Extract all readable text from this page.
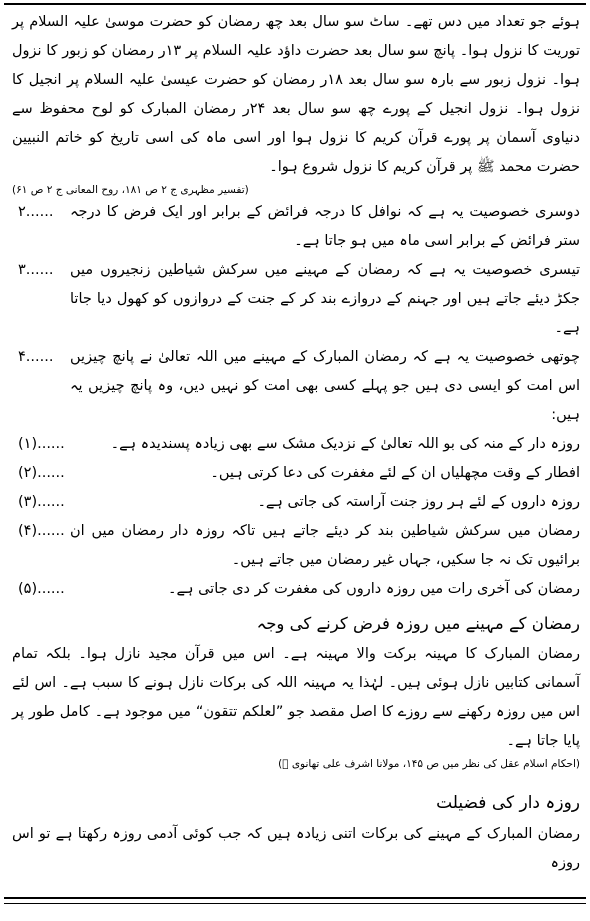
ہوئے جو تعداد میں دس تھے۔ ساٹ سو سال بعد چھ رمضان کو حضرت موسیٰ علیہ السلام پر توریت کا نزول ہوا۔ پانچ سو سال بعد حضرت داؤد علیہ السلام پر ۱۳ر رمضان کو زبور کا نزول ہوا۔ نزول زبور سے بارہ سو سال بعد ۱۸ر رمضان کو حضرت عیسیٰ علیہ السلام پر انجیل کا نزول ہوا۔ نزول انجیل کے پورے چھ سو سال بعد ۲۴ر رمضان المبارک کو لوح محفوظ سے دنیاوی آسمان پر پورے قرآن کریم کا نزول ہوا اور اسی ماہ کی اسی تاریخ کو خاتم النبیین حضرت محمد ﷺ پر قرآن کریم کا نزول شروع ہوا۔

(تفسیر مظہری ج ۲ ص ۱۸۱، روح المعانی ج ۲ ص ۶۱)

دوسری خصوصیت یہ ہے کہ نوافل کا درجہ فرائض کے برابر اور ایک فرض کا درجہ ستر فرائض کے برابر اسی ماہ میں ہو جاتا ہے۔
۲......
تیسری خصوصیت یہ ہے کہ رمضان کے مہینے میں سرکش شیاطین زنجیروں میں جکڑ دیئے جاتے ہیں اور جہنم کے دروازے بند کر کے جنت کے دروازوں کو کھول دیا جاتا ہے۔
۳......
چوتھی خصوصیت یہ ہے کہ رمضان المبارک کے مہینے میں اللہ تعالیٰ نے پانچ چیزیں اس امت کو ایسی دی ہیں جو پہلے کسی بھی امت کو نہیں دیں، وہ پانچ چیزیں یہ ہیں:
۴......
روزہ دار کے منہ کی بو اللہ تعالیٰ کے نزدیک مشک سے بھی زیادہ پسندیدہ ہے۔
(۱)......
افطار کے وقت مچھلیاں ان کے لئے مغفرت کی دعا کرتی ہیں۔
(۲)......
روزہ داروں کے لئے ہر روز جنت آراستہ کی جاتی ہے۔
(۳)......
رمضان میں سرکش شیاطین بند کر دیئے جاتے ہیں تاکہ روزہ دار رمضان میں ان برائیوں تک نہ جا سکیں، جہاں غیر رمضان میں جاتے ہیں۔
(۴)......
رمضان کی آخری رات میں روزہ داروں کی مغفرت کر دی جاتی ہے۔
(۵)......

رمضان کے مہینے میں روزہ فرض کرنے کی وجہ

رمضان المبارک کا مہینہ برکت والا مہینہ ہے۔ اس میں قرآن مجید نازل ہوا۔ بلکہ تمام آسمانی کتابیں نازل ہوئی ہیں۔ لہٰذا یہ مہینہ اللہ کی برکات نازل ہونے کا سبب ہے۔ اس لئے اس میں روزہ رکھنے سے روزے کا اصل مقصد جو ”لعلکم تتقون“ میں موجود ہے۔ کامل طور پر پایا جاتا ہے۔

(احکام اسلام عقل کی نظر میں ص ۱۴۵، مولانا اشرف علی تھانوی ﷫)

روزہ دار کی فضیلت

رمضان المبارک کے مہینے کی برکات اتنی زیادہ ہیں کہ جب کوئی آدمی روزہ رکھتا ہے تو اس روزہ
